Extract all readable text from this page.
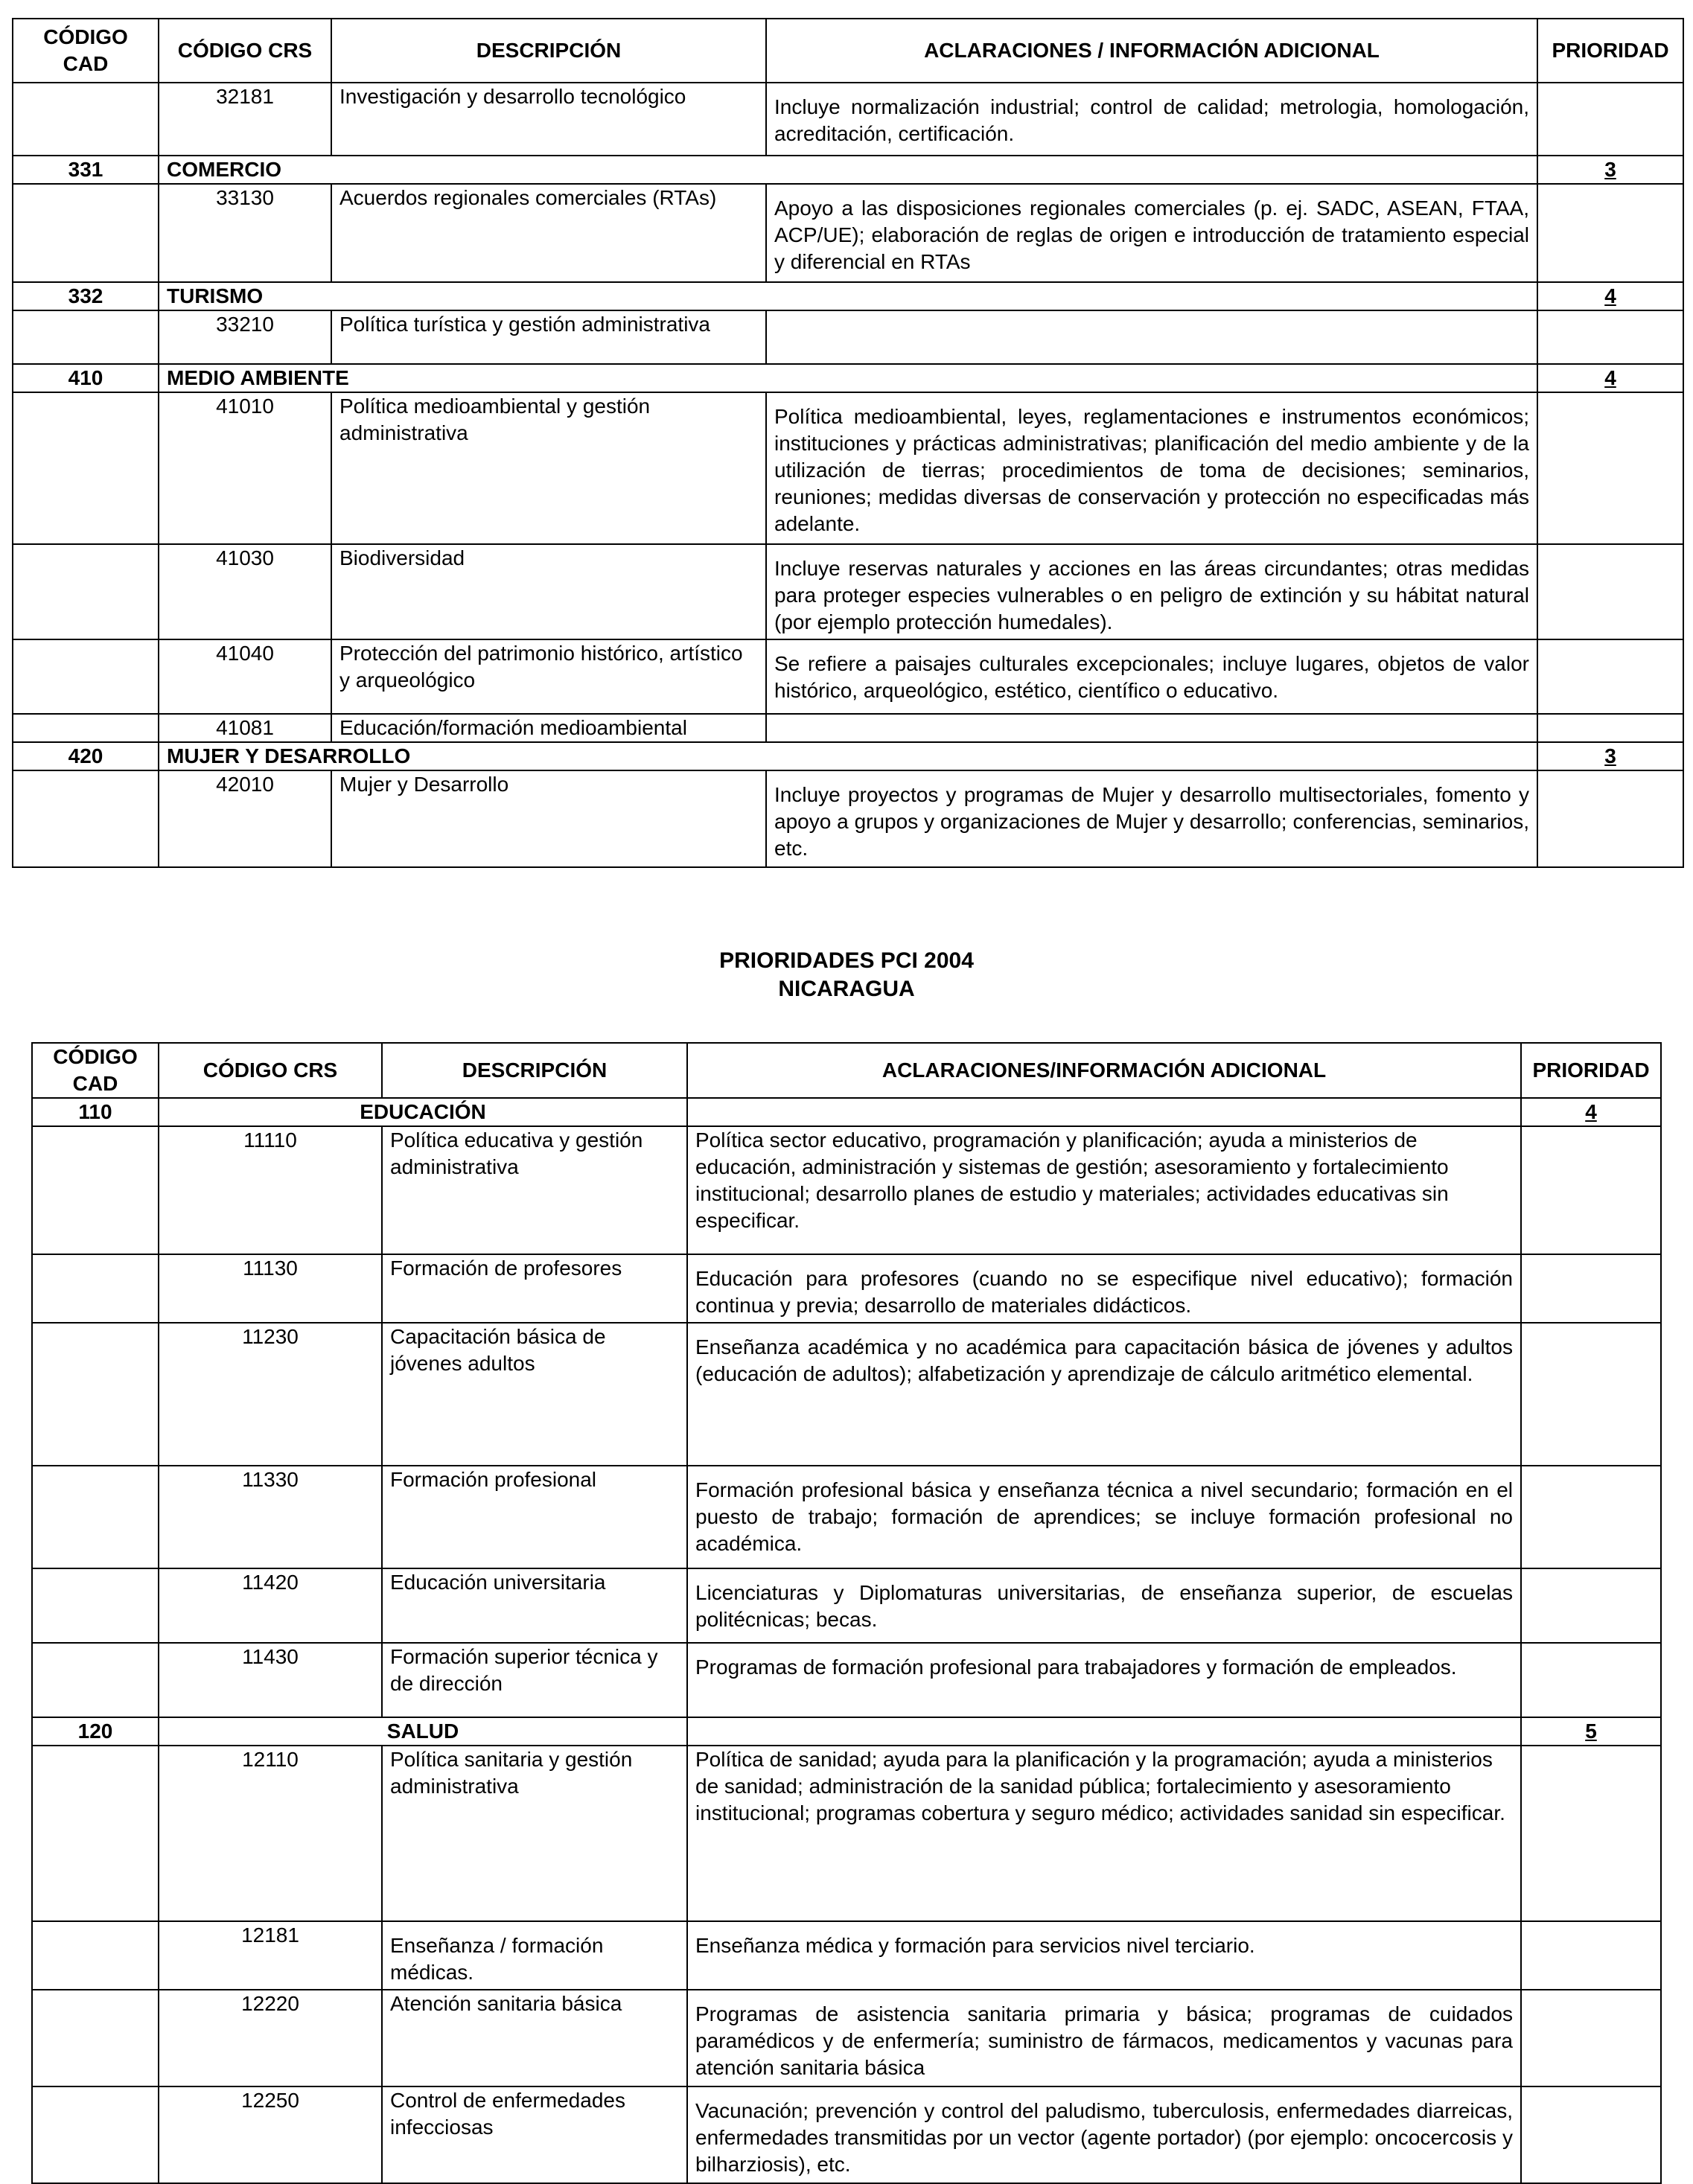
CÓDIGO CAD	CÓDIGO CRS	DESCRIPCIÓN	ACLARACIONES / INFORMACIÓN ADICIONAL	PRIORIDAD
	32181	Investigación y desarrollo tecnológico	Incluye normalización industrial; control de calidad; metrologia, homologación, acreditación, certificación.	
331	COMERCIO			3
	33130	Acuerdos regionales comerciales (RTAs)	Apoyo a las disposiciones regionales comerciales (p. ej. SADC, ASEAN, FTAA, ACP/UE); elaboración de reglas de origen e introducción de tratamiento especial y diferencial en RTAs	
332	TURISMO			4
	33210	Política turística y gestión administrativa		
410	MEDIO AMBIENTE			4
	41010	Política medioambiental y gestión administrativa	Política medioambiental, leyes, reglamentaciones e instrumentos económicos; instituciones y prácticas administrativas; planificación del medio ambiente y de la utilización de tierras; procedimientos de toma de decisiones; seminarios, reuniones; medidas diversas de conservación y protección no especificadas más adelante.	
	41030	Biodiversidad	Incluye reservas naturales y acciones en las áreas circundantes; otras medidas para proteger especies vulnerables o en peligro de extinción y su hábitat natural (por ejemplo protección humedales).	
	41040	Protección del patrimonio histórico, artístico y arqueológico	Se refiere a paisajes culturales excepcionales; incluye lugares, objetos de valor histórico, arqueológico, estético, científico o educativo.	
	41081	Educación/formación medioambiental		
420	MUJER Y DESARROLLO			3
	42010	Mujer y Desarrollo	Incluye proyectos y programas de Mujer y desarrollo multisectoriales, fomento y apoyo a grupos y organizaciones de Mujer y desarrollo; conferencias, seminarios, etc.	
PRIORIDADES PCI 2004
NICARAGUA
CÓDIGO CAD	CÓDIGO CRS	DESCRIPCIÓN	ACLARACIONES/INFORMACIÓN ADICIONAL	PRIORIDAD
110	EDUCACIÓN			4
	11110	Política educativa y gestión administrativa	Política sector educativo, programación y planificación; ayuda a ministerios de educación, administración y sistemas de gestión; asesoramiento y fortalecimiento institucional; desarrollo planes de estudio y materiales; actividades educativas sin especificar.	
	11130	Formación de profesores	Educación para profesores (cuando no se especifique nivel educativo); formación continua y previa; desarrollo de materiales didácticos.	
	11230	Capacitación básica de jóvenes adultos	Enseñanza académica y no académica para capacitación básica de jóvenes y adultos (educación de adultos); alfabetización y aprendizaje de cálculo aritmético elemental.	
	11330	Formación profesional	Formación profesional básica y enseñanza técnica a nivel secundario; formación en el puesto de trabajo; formación de aprendices; se incluye formación profesional no académica.	
	11420	Educación universitaria	Licenciaturas y Diplomaturas universitarias, de enseñanza superior, de escuelas politécnicas; becas.	
	11430	Formación superior técnica y de dirección	Programas de formación profesional para trabajadores y formación de empleados.	
120	SALUD			5
	12110	Política sanitaria y gestión administrativa	Política de sanidad; ayuda para la planificación y la programación; ayuda a ministerios de sanidad; administración de la sanidad pública; fortalecimiento y asesoramiento institucional; programas cobertura y seguro médico; actividades sanidad sin especificar.	
	12181	Enseñanza / formación médicas.	Enseñanza médica y formación para servicios nivel terciario.	
	12220	Atención sanitaria básica	Programas de asistencia sanitaria primaria y básica; programas de cuidados paramédicos y de enfermería; suministro de fármacos, medicamentos y vacunas para atención sanitaria básica	
	12250	Control de enfermedades infecciosas	Vacunación; prevención y control del paludismo, tuberculosis, enfermedades diarreicas, enfermedades transmitidas por un vector (agente portador) (por ejemplo: oncocercosis y bilharziosis), etc.	
